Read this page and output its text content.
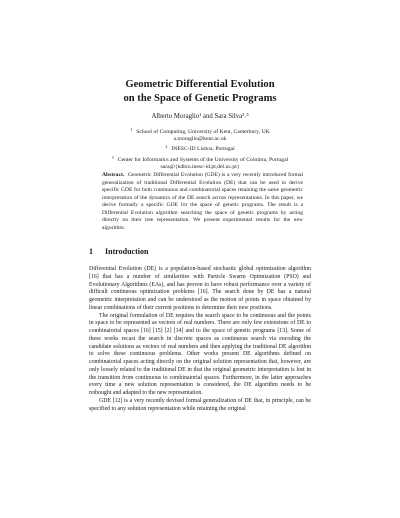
Geometric Differential Evolution
on the Space of Genetic Programs
Alberto Moraglio¹ and Sara Silva²˒³
$^1$ School of Computing, University of Kent, Canterbury, UK
a.moraglio@kent.ac.uk
$^2$ INESC-ID Lisboa, Portugal
$^3$ Center for Informatics and Systems of the University of Coimbra, Portugal
sara@{kdbio.inesc-id.pt,dei.uc.pt}
Abstract. Geometric Differential Evolution (GDE) is a very recently introduced formal generalization of traditional Differential Evolution (DE) that can be used to derive specific GDE for both continuous and combinatorial spaces retaining the same geometric interpretation of the dynamics of the DE search across representations. In this paper, we derive formally a specific GDE for the space of genetic programs. The result is a Differential Evolution algorithm searching the space of genetic programs by acting directly on their tree representation. We present experimental results for the new algorithm.
1 Introduction

Differential Evolution (DE) is a population-based stochastic global optimization algorithm [16] that has a number of similarities with Particle Swarm Optimization (PSO) and Evolutionary Algorithms (EAs), and has proven to have robust performance over a variety of difficult continuous optimization problems [16]. The search done by DE has a natural geometric interpretation and can be understood as the motion of points in space obtained by linear combinations of their current positions to determine their new positions.

The original formulation of DE requires the search space to be continuous and the points in space to be represented as vectors of real numbers. There are only few extensions of DE to combinatorial spaces [16] [15] [2] [14] and to the space of genetic programs [13]. Some of these works recast the search in discrete spaces as continuous search via encoding the candidate solutions as vectors of real numbers and then applying the traditional DE algorithm to solve these continuous problems. Other works present DE algorithms defined on combinatorial spaces acting directly on the original solution representation that, however, are only loosely related to the traditional DE in that the original geometric interpretation is lost in the transition from continuous to combinatorial spaces. Furthermore, in the latter approaches every time a new solution representation is considered, the DE algorithm needs to be rethought and adapted to the new representation.

GDE [12] is a very recently devised formal generalization of DE that, in principle, can be specified to any solution representation while retaining the original
